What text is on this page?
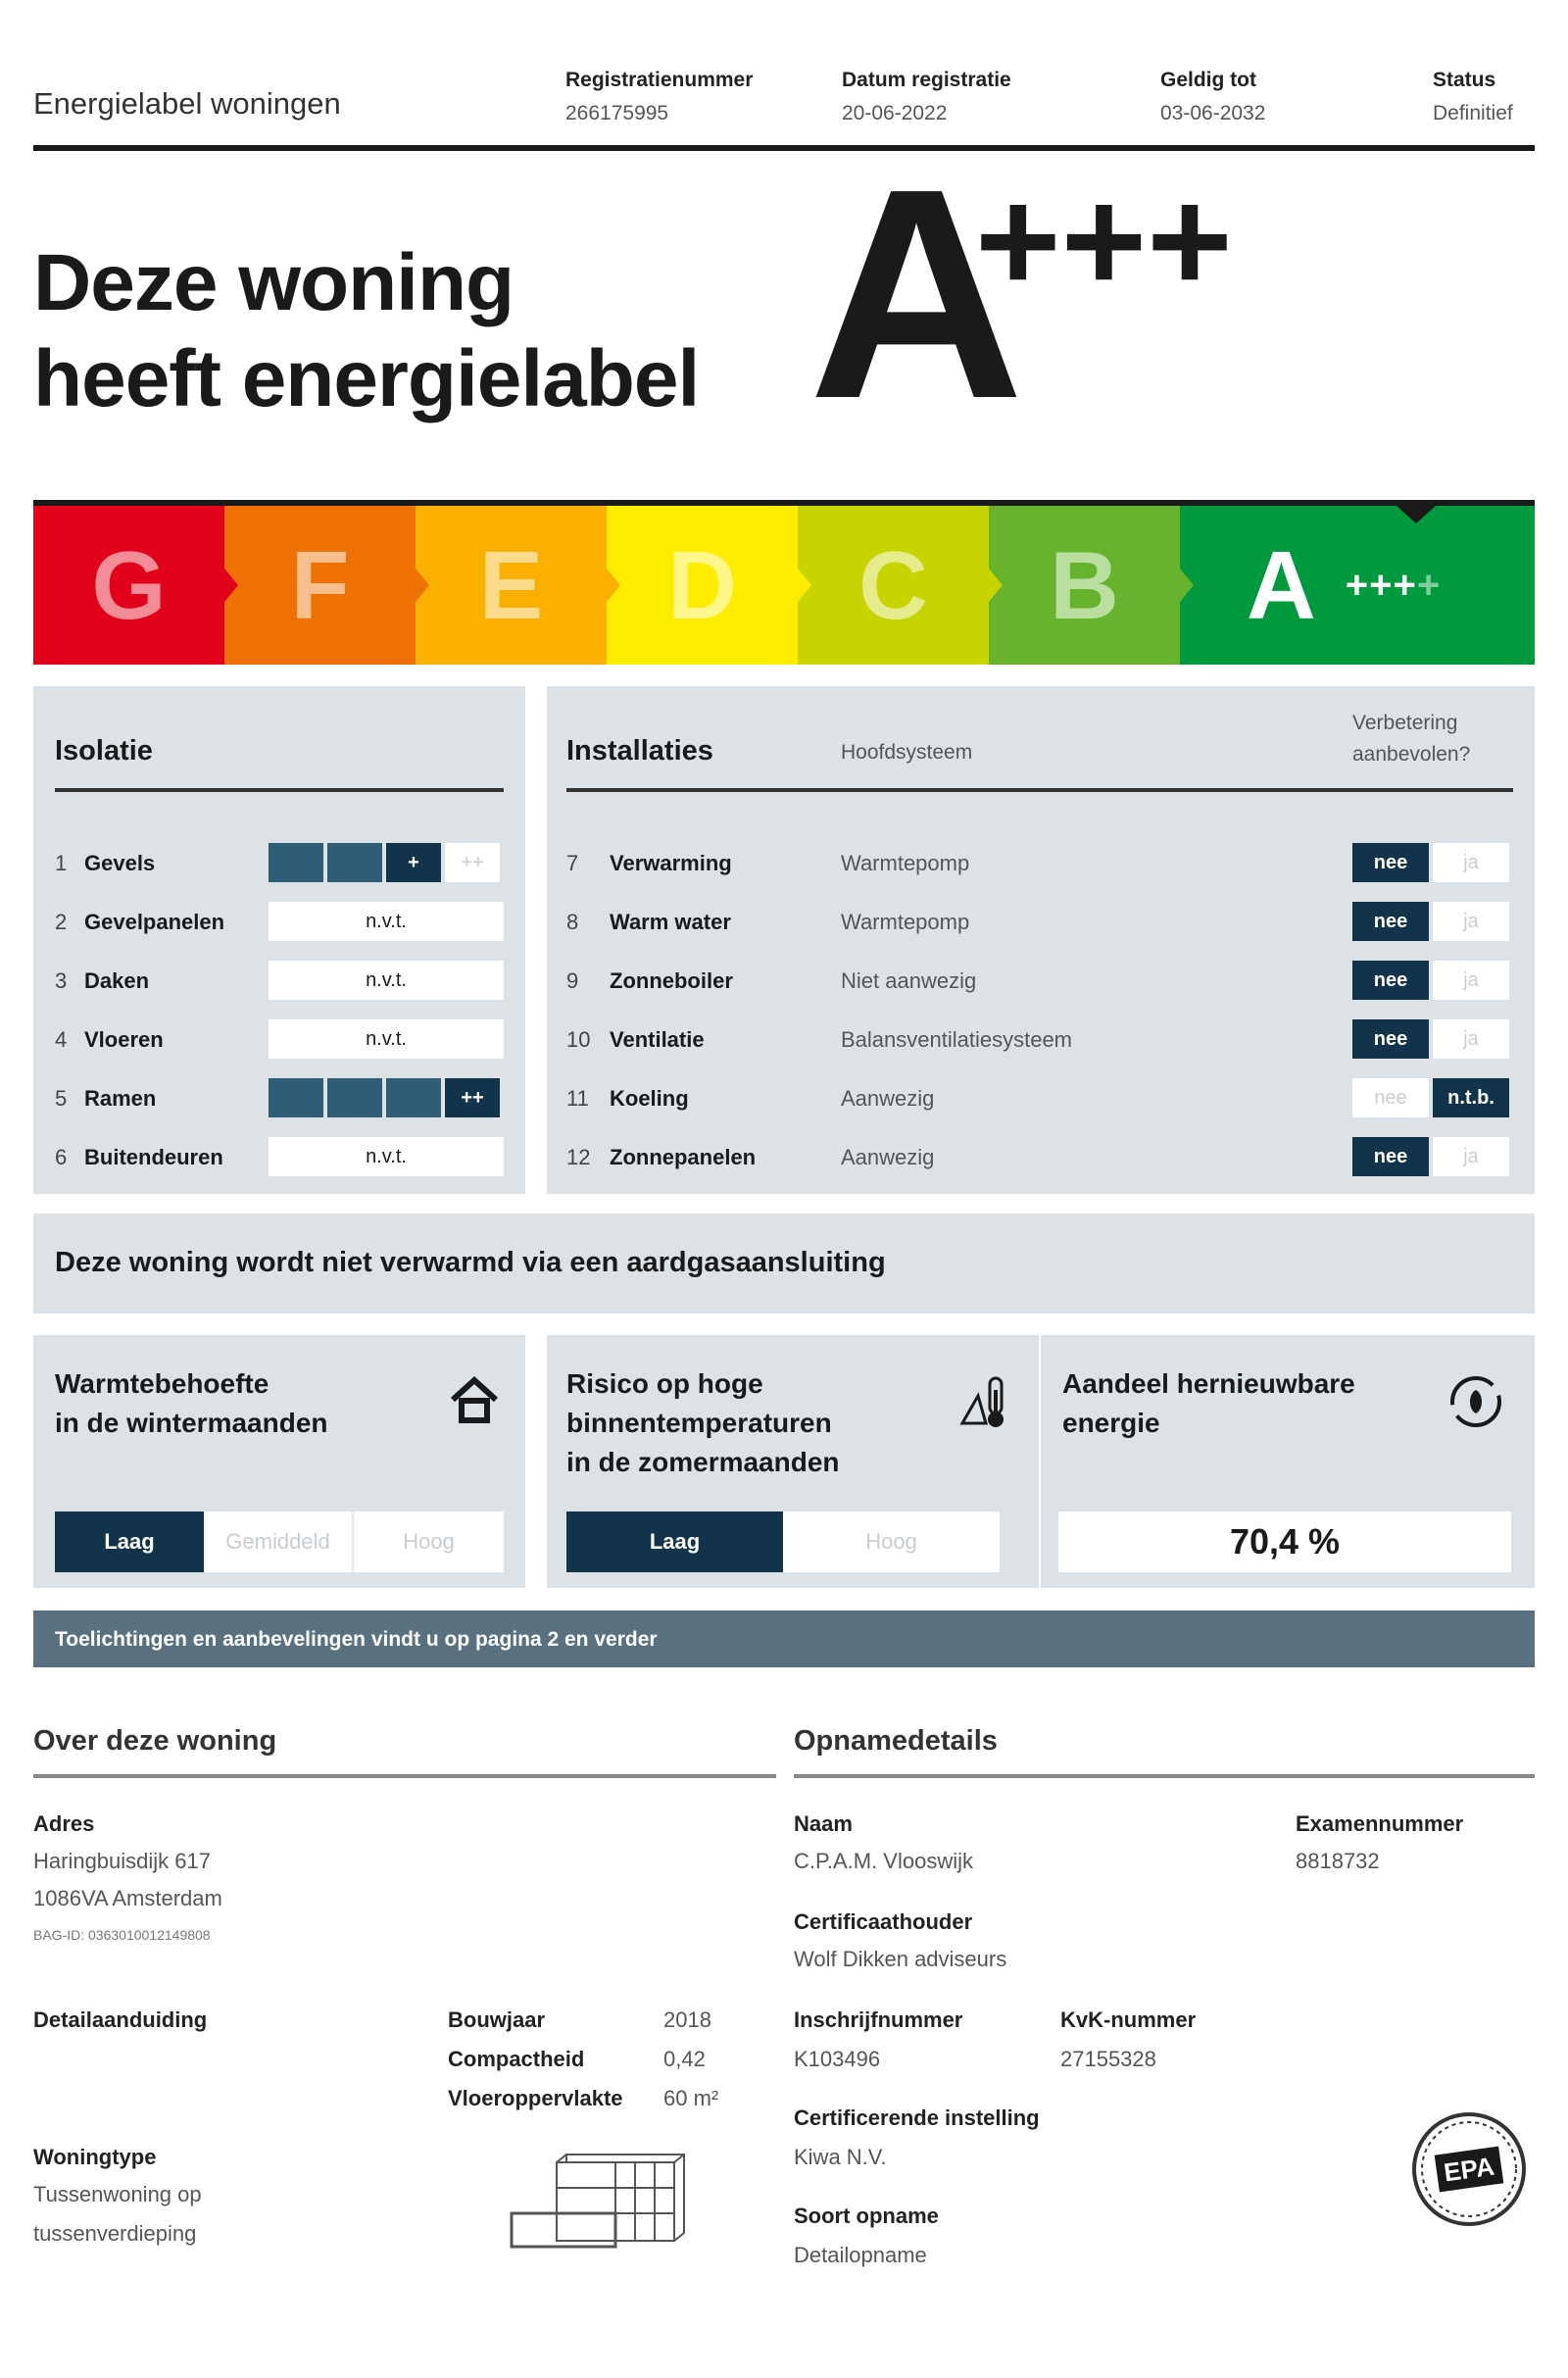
Energielabel woningen
Registratienummer
266175995
Datum registratie
20-06-2022
Geldig tot
03-06-2032
Status
Definitief
Deze woning
heeft energielabel A
+++
G F E D C B A ++++
Isolatie
1 Gevels	+	++
2 Gevelpanelen	n.v.t.
3 Daken	n.v.t.
4 Vloeren	n.v.t.
5 Ramen	++
6 Buitendeuren	n.v.t.
Installaties	Hoofdsysteem
Verbetering aanbevolen?
7 Verwarming	Warmtepomp	nee	ja
8 Warm water	Warmtepomp	nee	ja
9 Zonneboiler	Niet aanwezig	nee	ja
10 Ventilatie	Balansventilatiesysteem	nee	ja
11 Koeling	Aanwezig	nee	n.t.b.
12 Zonnepanelen	Aanwezig	nee	ja
Deze woning wordt niet verwarmd via een aardgasaansluiting
Warmtebehoefte
in de wintermaanden
Laag	Gemiddeld	Hoog
Risico op hoge
binnentemperaturen
in de zomermaanden
Laag	Hoog
Aandeel hernieuwbare
energie
70,4 %
Toelichtingen en aanbevelingen vindt u op pagina 2 en verder
Over deze woning
Adres
Haringbuisdijk 617
1086VA Amsterdam
BAG-ID: 0363010012149808
Detailaanduiding	Bouwjaar	2018
Compactheid	0,42
Vloeroppervlakte 60 m²
Woningtype
Tussenwoning op
tussenverdieping
Opnamedetails
Naam
C.P.A.M. Vlooswijk
Examennummer
8818732
Certificaathouder
Wolf Dikken adviseurs
Inschrijfnummer
K103496
KvK-nummer
27155328
Certificerende instelling
Kiwa N.V.
Soort opname
Detailopname
EPA
